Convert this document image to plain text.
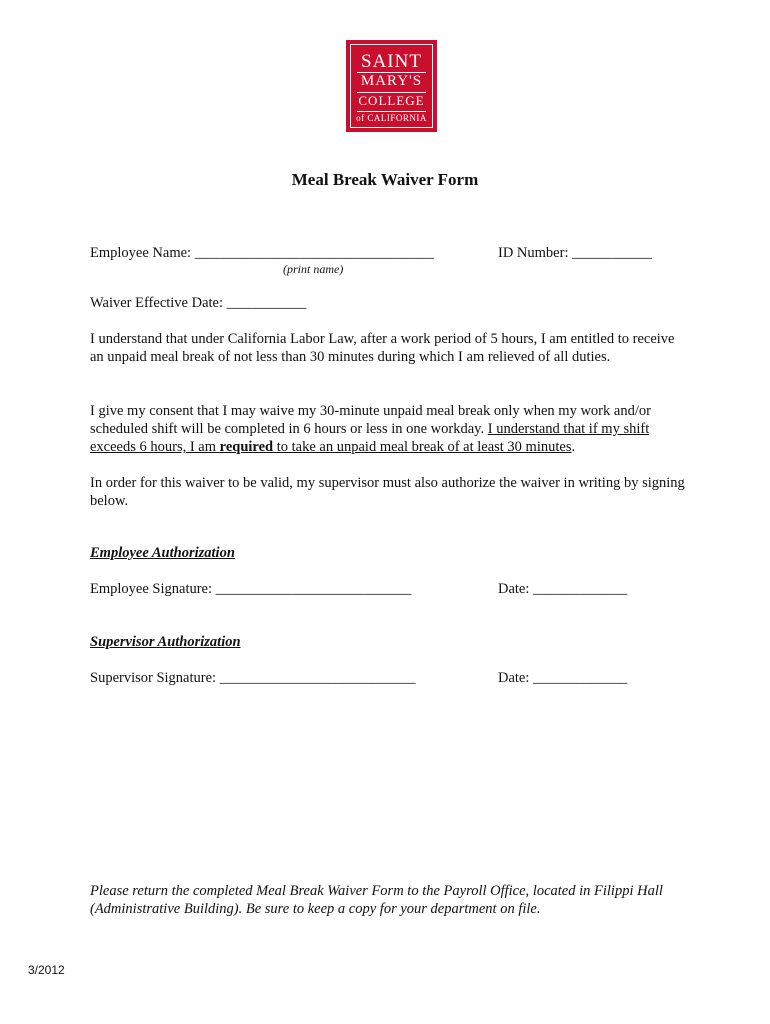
SAINT
MARY'S
COLLEGE
of CALIFORNIA
Meal Break Waiver Form
Employee Name: _________________________________
(print name)
ID Number: ___________
Waiver Effective Date: ___________

I understand that under California Labor Law, after a work period of 5 hours, I am entitled to receive an unpaid meal break of not less than 30 minutes during which I am relieved of all duties.

I give my consent that I may waive my 30-minute unpaid meal break only when my work and/or scheduled shift will be completed in 6 hours or less in one workday. I understand that if my shift exceeds 6 hours, I am required to take an unpaid meal break of at least 30 minutes.

In order for this waiver to be valid, my supervisor must also authorize the waiver in writing by signing below.

Employee Authorization
Employee Signature: ___________________________	Date: _____________
Supervisor Authorization
Supervisor Signature: ___________________________	Date: _____________
Please return the completed Meal Break Waiver Form to the Payroll Office, located in Filippi Hall (Administrative Building). Be sure to keep a copy for your department on file.
3/2012
